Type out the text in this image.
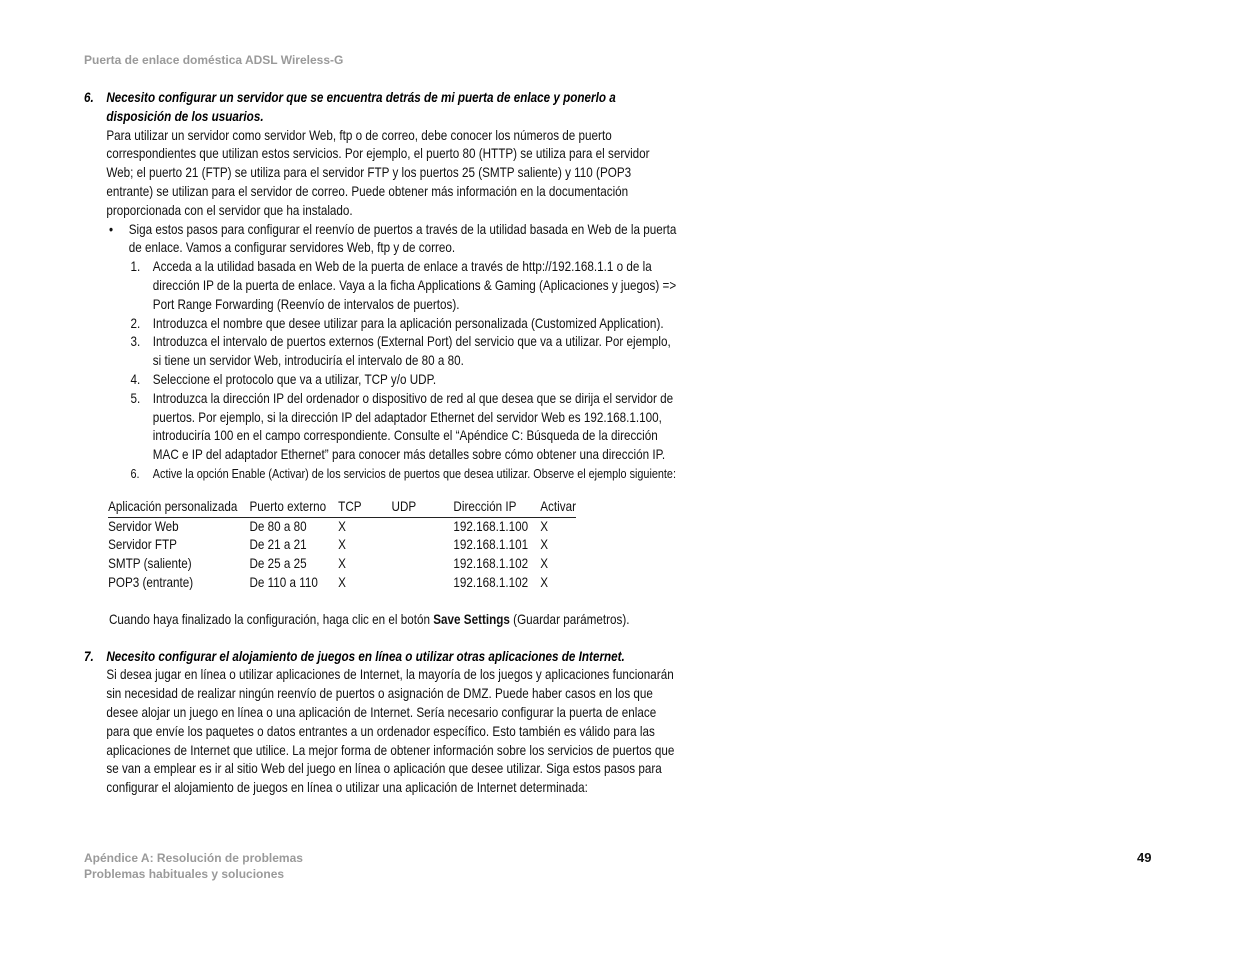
Puerta de enlace doméstica ADSL Wireless-G
6. Necesito configurar un servidor que se encuentra detrás de mi puerta de enlace y ponerlo a disposición de los usuarios.
Para utilizar un servidor como servidor Web, ftp o de correo, debe conocer los números de puerto correspondientes que utilizan estos servicios. Por ejemplo, el puerto 80 (HTTP) se utiliza para el servidor Web; el puerto 21 (FTP) se utiliza para el servidor FTP y los puertos 25 (SMTP saliente) y 110 (POP3 entrante) se utilizan para el servidor de correo. Puede obtener más información en la documentación proporcionada con el servidor que ha instalado.
• Siga estos pasos para configurar el reenvío de puertos a través de la utilidad basada en Web de la puerta de enlace. Vamos a configurar servidores Web, ftp y de correo.
1. Acceda a la utilidad basada en Web de la puerta de enlace a través de http://192.168.1.1 o de la dirección IP de la puerta de enlace. Vaya a la ficha Applications & Gaming (Aplicaciones y juegos) => Port Range Forwarding (Reenvío de intervalos de puertos).
2. Introduzca el nombre que desee utilizar para la aplicación personalizada (Customized Application).
3. Introduzca el intervalo de puertos externos (External Port) del servicio que va a utilizar. Por ejemplo, si tiene un servidor Web, introduciría el intervalo de 80 a 80.
4. Seleccione el protocolo que va a utilizar, TCP y/o UDP.
5. Introduzca la dirección IP del ordenador o dispositivo de red al que desea que se dirija el servidor de puertos. Por ejemplo, si la dirección IP del adaptador Ethernet del servidor Web es 192.168.1.100, introduciría 100 en el campo correspondiente. Consulte el “Apéndice C: Búsqueda de la dirección MAC e IP del adaptador Ethernet” para conocer más detalles sobre cómo obtener una dirección IP.
6. Active la opción Enable (Activar) de los servicios de puertos que desea utilizar. Observe el ejemplo siguiente:
Aplicación personalizada	Puerto externo	TCP	UDP	Dirección IP	Activar
Servidor Web	De 80 a 80	X		192.168.1.100	X
Servidor FTP	De 21 a 21	X		192.168.1.101	X
SMTP (saliente)	De 25 a 25	X		192.168.1.102	X
POP3 (entrante)	De 110 a 110	X		192.168.1.102	X
Cuando haya finalizado la configuración, haga clic en el botón Save Settings (Guardar parámetros).
7. Necesito configurar el alojamiento de juegos en línea o utilizar otras aplicaciones de Internet.
Si desea jugar en línea o utilizar aplicaciones de Internet, la mayoría de los juegos y aplicaciones funcionarán sin necesidad de realizar ningún reenvío de puertos o asignación de DMZ. Puede haber casos en los que desee alojar un juego en línea o una aplicación de Internet. Sería necesario configurar la puerta de enlace para que envíe los paquetes o datos entrantes a un ordenador específico. Esto también es válido para las aplicaciones de Internet que utilice. La mejor forma de obtener información sobre los servicios de puertos que se van a emplear es ir al sitio Web del juego en línea o aplicación que desee utilizar. Siga estos pasos para configurar el alojamiento de juegos en línea o utilizar una aplicación de Internet determinada:
Apéndice A: Resolución de problemas
Problemas habituales y soluciones
49
